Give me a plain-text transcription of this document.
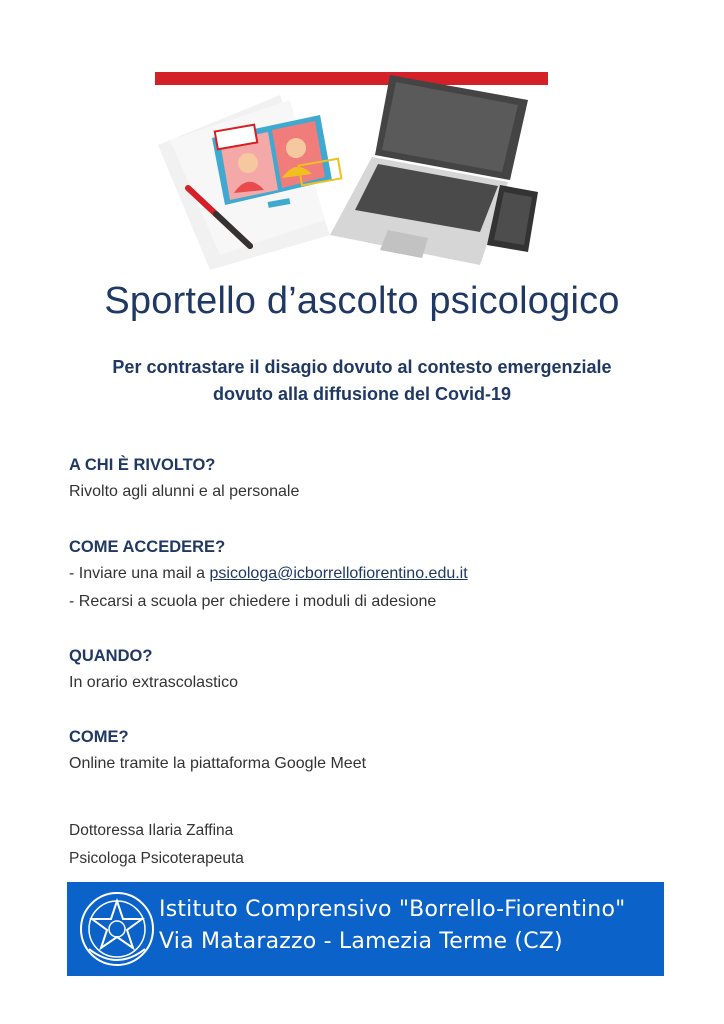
Sportello d’ascolto psicologico
Per contrastare il disagio dovuto al contesto emergenziale
dovuto alla diffusione del Covid-19
A CHI È RIVOLTO?
Rivolto agli alunni e al personale
COME ACCEDERE?
- Inviare una mail a psicologa@icborrellofiorentino.edu.it
- Recarsi a scuola per chiedere i moduli di adesione
QUANDO?
In orario extrascolastico
COME?
Online tramite la piattaforma Google Meet
Dottoressa Ilaria Zaffina
Psicologa Psicoterapeuta
Istituto Comprensivo "Borrello-Fiorentino"
Via Matarazzo - Lamezia Terme (CZ)
